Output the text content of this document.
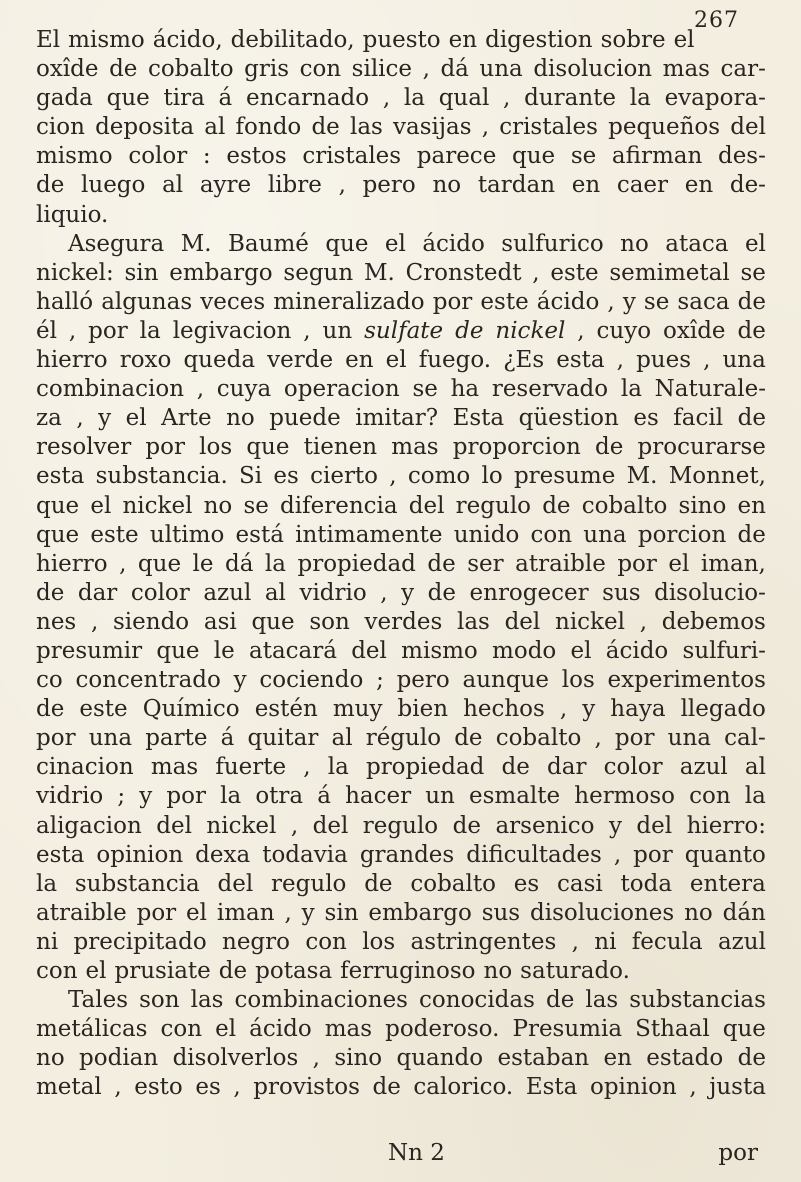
267
El mismo ácido, debilitado, puesto en digestion sobre el
oxîde de cobalto gris con silice , dá una disolucion mas car-
gada que tira á encarnado , la qual , durante la evapora-
cion deposita al fondo de las vasijas , cristales pequeños del
mismo color : estos cristales parece que se afirman des-
de luego al ayre libre , pero no tardan en caer en de-
liquio.
Asegura M. Baumé que el ácido sulfurico no ataca el
nickel: sin embargo segun M. Cronstedt , este semimetal se
halló algunas veces mineralizado por este ácido , y se saca de
él , por la legivacion , un sulfate de nickel , cuyo oxîde de
hierro roxo queda verde en el fuego. ¿Es esta , pues , una
combinacion , cuya operacion se ha reservado la Naturale-
za , y el Arte no puede imitar? Esta qüestion es facil de
resolver por los que tienen mas proporcion de procurarse
esta substancia. Si es cierto , como lo presume M. Monnet,
que el nickel no se diferencia del regulo de cobalto sino en
que este ultimo está intimamente unido con una porcion de
hierro , que le dá la propiedad de ser atraible por el iman,
de dar color azul al vidrio , y de enrogecer sus disolucio-
nes , siendo asi que son verdes las del nickel , debemos
presumir que le atacará del mismo modo el ácido sulfuri-
co concentrado y cociendo ; pero aunque los experimentos
de este Químico estén muy bien hechos , y haya llegado
por una parte á quitar al régulo de cobalto , por una cal-
cinacion mas fuerte , la propiedad de dar color azul al
vidrio ; y por la otra á hacer un esmalte hermoso con la
aligacion del nickel , del regulo de arsenico y del hierro:
esta opinion dexa todavia grandes dificultades , por quanto
la substancia del regulo de cobalto es casi toda entera
atraible por el iman , y sin embargo sus disoluciones no dán
ni precipitado negro con los astringentes , ni fecula azul
con el prusiate de potasa ferruginoso no saturado.
Tales son las combinaciones conocidas de las substancias
metálicas con el ácido mas poderoso. Presumia Sthaal que
no podian disolverlos , sino quando estaban en estado de
metal , esto es , provistos de calorico. Esta opinion , justa
Nn 2	por
